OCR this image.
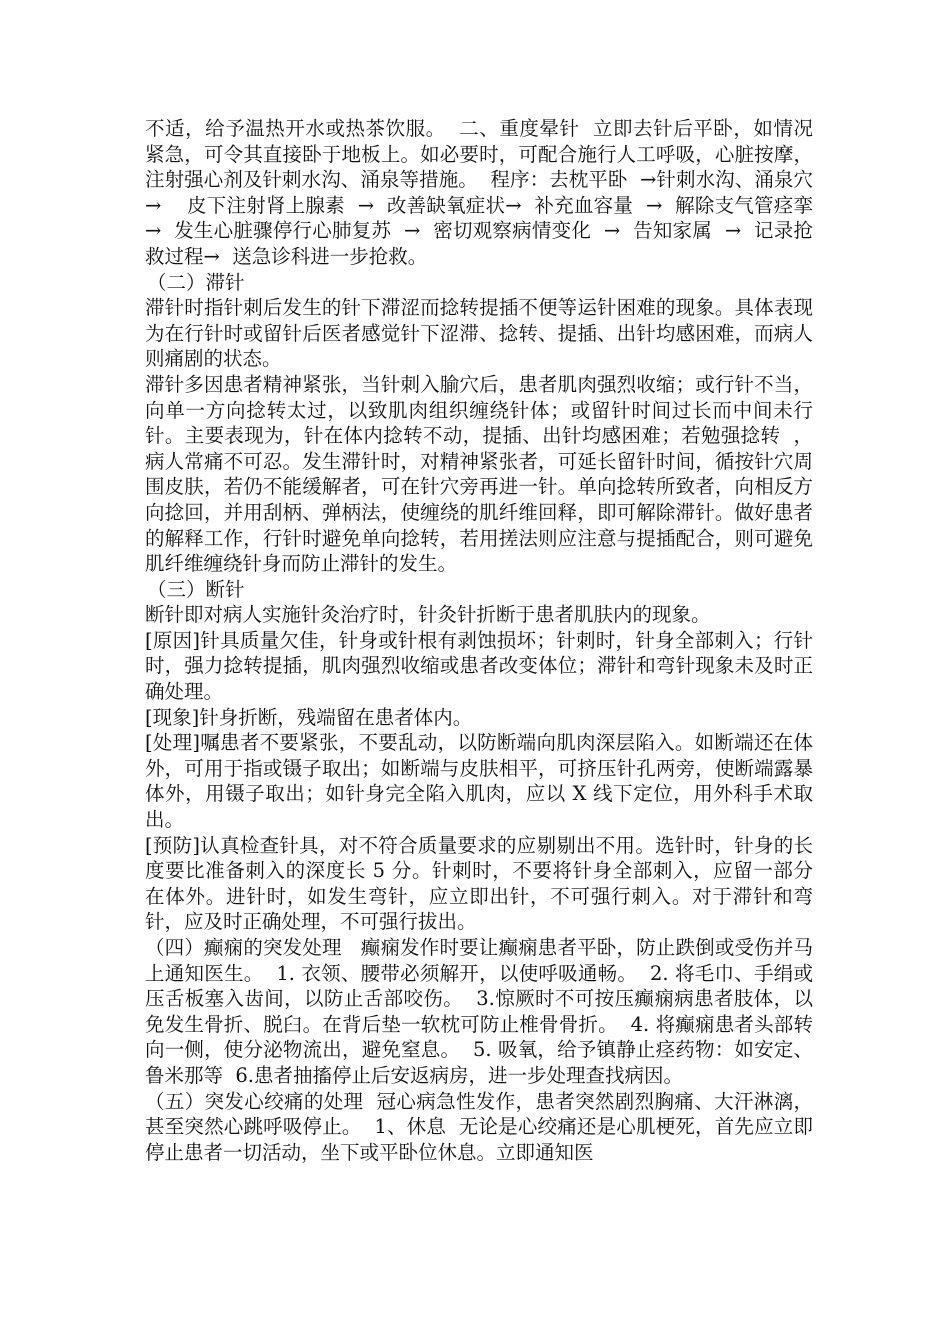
不适，给予温热开水或热茶饮服。  二、重度晕针  立即去针后平卧，如情况紧急，可令其直接卧于地板上。如必要时，可配合施行人工呼吸，心脏按摩，注射强心剂及针刺水沟、涌泉等措施。  程序：去枕平卧  →针刺水沟、涌泉穴  →    皮下注射肾上腺素  →  改善缺氧症状→  补充血容量  →  解除支气管痉挛  →  发生心脏骤停行心肺复苏  →  密切观察病情变化  →  告知家属  →  记录抢救过程→  送急诊科进一步抢救。

（二）滞针

滞针时指针刺后发生的针下滞涩而捻转提插不便等运针困难的现象。具体表现为在行针时或留针后医者感觉针下涩滞、捻转、提插、出针均感困难，而病人则痛剧的状态。

滞针多因患者精神紧张，当针刺入腧穴后，患者肌肉强烈收缩；或行针不当，向单一方向捻转太过，以致肌肉组织缠绕针体；或留针时间过长而中间未行针。主要表现为，针在体内捻转不动，提插、出针均感困难；若勉强捻转  ，病人常痛不可忍。发生滞针时，对精神紧张者，可延长留针时间，循按针穴周围皮肤，若仍不能缓解者，可在针穴旁再进一针。单向捻转所致者，向相反方向捻回，并用刮柄、弹柄法，使缠绕的肌纤维回释，即可解除滞针。做好患者的解释工作，行针时避免单向捻转，若用搓法则应注意与提插配合，则可避免肌纤维缠绕针身而防止滞针的发生。

（三）断针

断针即对病人实施针灸治疗时，针灸针折断于患者肌肤内的现象。

[原因]针具质量欠佳，针身或针根有剥蚀损坏；针刺时，针身全部刺入；行针时，强力捻转提插，肌肉强烈收缩或患者改变体位；滞针和弯针现象未及时正确处理。

[现象]针身折断，残端留在患者体内。

[处理]嘱患者不要紧张，不要乱动，以防断端向肌肉深层陷入。如断端还在体外，可用于指或镊子取出；如断端与皮肤相平，可挤压针孔两旁，使断端露暴体外，用镊子取出；如针身完全陷入肌肉，应以 X 线下定位，用外科手术取出。

[预防]认真检查针具，对不符合质量要求的应剔剔出不用。选针时，针身的长度要比准备刺入的深度长 5 分。针刺时，不要将针身全部刺入，应留一部分在体外。进针时，如发生弯针，应立即出针，不可强行刺入。对于滞针和弯针，应及时正确处理，不可强行拔出。

（四）癫痫的突发处理   癫痫发作时要让癫痫患者平卧，防止跌倒或受伤并马上通知医生。  1. 衣领、腰带必须解开，以使呼吸通畅。  2. 将毛巾、手绢或压舌板塞入齿间，以防止舌部咬伤。  3.惊厥时不可按压癫痫病患者肢体，以免发生骨折、脱臼。在背后垫一软枕可防止椎骨骨折。  4. 将癫痫患者头部转向一侧，使分泌物流出，避免窒息。  5. 吸氧，给予镇静止痉药物：如安定、鲁米那等  6.患者抽搐停止后安返病房，进一步处理查找病因。

（五）突发心绞痛的处理  冠心病急性发作，患者突然剧烈胸痛、大汗淋漓，甚至突然心跳呼吸停止。  1、休息  无论是心绞痛还是心肌梗死，首先应立即停止患者一切活动，坐下或平卧位休息。立即通知医
